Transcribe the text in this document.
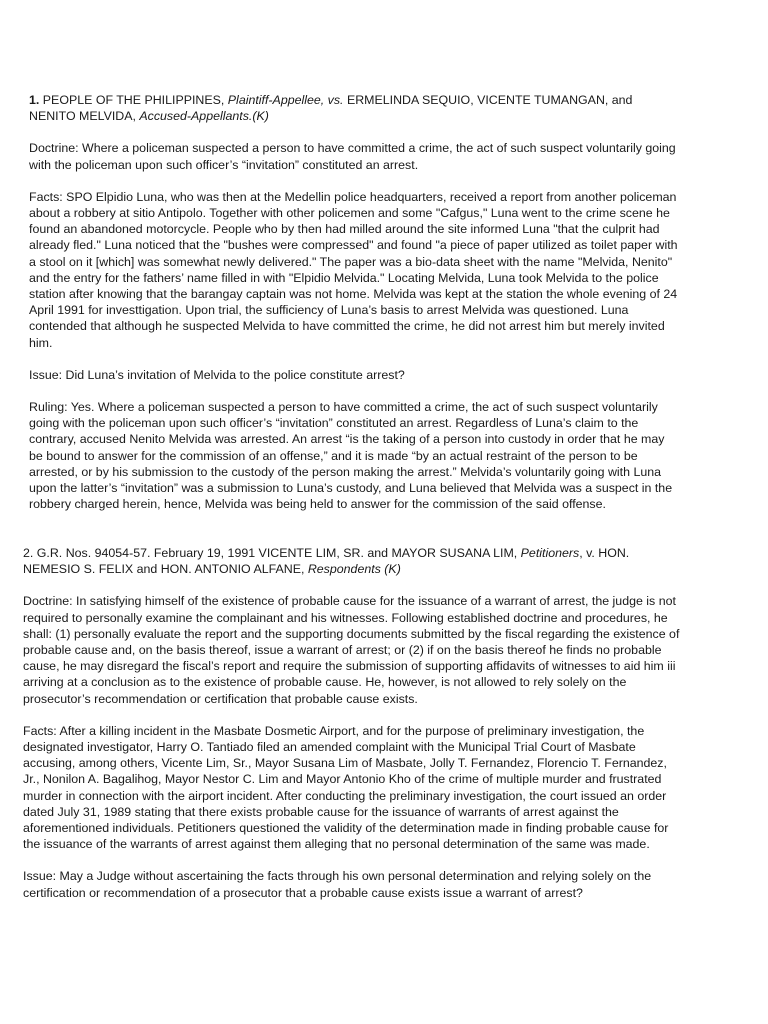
1. PEOPLE OF THE PHILIPPINES, Plaintiff-Appellee, vs. ERMELINDA SEQUIO, VICENTE TUMANGAN, and NENITO MELVIDA, Accused-Appellants.(K)

Doctrine: Where a policeman suspected a person to have committed a crime, the act of such suspect voluntarily going with the policeman upon such officer’s “invitation” constituted an arrest.

Facts: SPO Elpidio Luna, who was then at the Medellin police headquarters, received a report from another policeman about a robbery at sitio Antipolo. Together with other policemen and some "Cafgus," Luna went to the crime scene he found an abandoned motorcycle. People who by then had milled around the site informed Luna "that the culprit had already fled." Luna noticed that the "bushes were compressed" and found "a piece of paper utilized as toilet paper with a stool on it [which] was somewhat newly delivered." The paper was a bio-data sheet with the name "Melvida, Nenito" and the entry for the fathers’ name filled in with "Elpidio Melvida." Locating Melvida, Luna took Melvida to the police station after knowing that the barangay captain was not home. Melvida was kept at the station the whole evening of 24 April 1991 for investtigation. Upon trial, the sufficiency of Luna’s basis to arrest Melvida was questioned. Luna contended that although he suspected Melvida to have committed the crime, he did not arrest him but merely invited him.

Issue: Did Luna’s invitation of Melvida to the police constitute arrest?

Ruling: Yes. Where a policeman suspected a person to have committed a crime, the act of such suspect voluntarily going with the policeman upon such officer’s “invitation” constituted an arrest. Regardless of Luna’s claim to the contrary, accused Nenito Melvida was arrested. An arrest “is the taking of a person into custody in order that he may be bound to answer for the commission of an offense,” and it is made “by an actual restraint of the person to be arrested, or by his submission to the custody of the person making the arrest.” Melvida’s voluntarily going with Luna upon the latter’s “invitation” was a submission to Luna’s custody, and Luna believed that Melvida was a suspect in the robbery charged herein, hence, Melvida was being held to answer for the commission of the said offense.

2. G.R. Nos. 94054-57. February 19, 1991 VICENTE LIM, SR. and MAYOR SUSANA LIM, Petitioners, v. HON. NEMESIO S. FELIX and HON. ANTONIO ALFANE, Respondents (K)

Doctrine: In satisfying himself of the existence of probable cause for the issuance of a warrant of arrest, the judge is not required to personally examine the complainant and his witnesses. Following established doctrine and procedures, he shall: (1) personally evaluate the report and the supporting documents submitted by the fiscal regarding the existence of probable cause and, on the basis thereof, issue a warrant of arrest; or (2) if on the basis thereof he finds no probable cause, he may disregard the fiscal’s report and require the submission of supporting affidavits of witnesses to aid him iii arriving at a conclusion as to the existence of probable cause. He, however, is not allowed to rely solely on the prosecutor’s recommendation or certification that probable cause exists.

Facts: After a killing incident in the Masbate Dosmetic Airport, and for the purpose of preliminary investigation, the designated investigator, Harry O. Tantiado filed an amended complaint with the Municipal Trial Court of Masbate accusing, among others, Vicente Lim, Sr., Mayor Susana Lim of Masbate, Jolly T. Fernandez, Florencio T. Fernandez, Jr., Nonilon A. Bagalihog, Mayor Nestor C. Lim and Mayor Antonio Kho of the crime of multiple murder and frustrated murder in connection with the airport incident. After conducting the preliminary investigation, the court issued an order dated July 31, 1989 stating that there exists probable cause for the issuance of warrants of arrest against the aforementioned individuals. Petitioners questioned the validity of the determination made in finding probable cause for the issuance of the warrants of arrest against them alleging that no personal determination of the same was made.

Issue: May a Judge without ascertaining the facts through his own personal determination and relying solely on the certification or recommendation of a prosecutor that a probable cause exists issue a warrant of arrest?
